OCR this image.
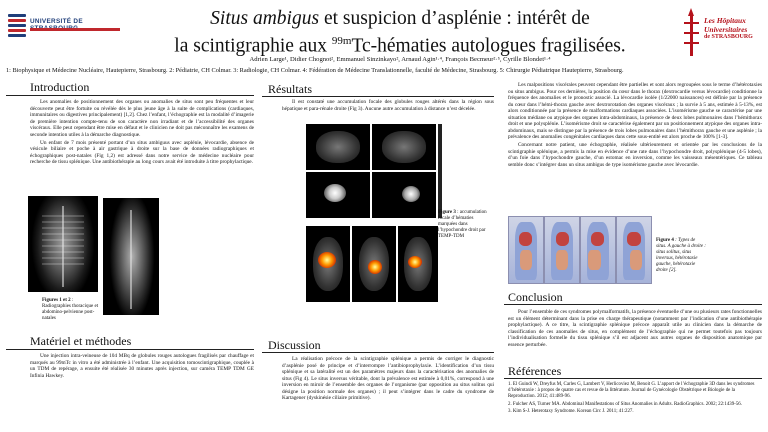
UNIVERSITÉ DE	Situs ambigus et suspicion d’asplénie : intérêt de
la scintigraphie aux $^{99m}$Tc-hématies autologues fragilisées.
Les Hôpitaux
Universitaires
de STRASBOURG
Adrien Large¹, Didier Chognot², Emmanuel Sinzinkayo², Arnaud Agin¹·⁴, François Becmeur²·⁵, Cyrille Blondet¹·⁴
1: Biophysique et Médecine Nucléaire, Hautepierre, Strasbourg. 2: Pédiatrie, CH Colmar. 3: Radiologie, CH Colmar. 4: Fédération de Médecine Translationnelle, faculté de Médecine, Strasbourg. 5: Chirurgie Pédiatrique Hautepierre, Strasbourg.
Introduction

Les anomalies de positionnement des organes ou anomalies de situs sont peu fréquentes et leur découverte peut être fortuite ou révélée dès le plus jeune âge à la suite de complications (cardiaques, immunitaires ou digestives principalement) [1,2]. Chez l’enfant, l’échographie est la modalité d’imagerie de première intention compte-tenu de son caractère non irradiant et de l’accessibilité des organes viscéraux. Elle peut cependant être mise en défaut et le clinicien ne doit pas méconnaître les examens de seconde intention utiles à la démarche diagnostique.

Un enfant de 7 mois présenté portant d’un situs ambiguus avec asplénie, lévocardie, absence de vésicule biliaire et poche à air gastrique à droite sur la base de données radiographiques et échographiques post-natales (Fig 1,2) est adressé dans notre service de médecine nucléaire pour recherche de tissu splénique. Une antibiothérapie au long cours avait été introduite à titre prophylactique.

Figures 1 et 2 : Radiographies thoracique et abdomino-pelvienne post-natales
Matériel et méthodes

Une injection intra-veineuse de 104 MBq de globules rouges autologues fragilisés par chauffage et marqués au 99mTc in vitro a été administrée à l’enfant. Une acquisition tomoscintigraphique, couplée à un TDM de repérage, a ensuite été réalisée 30 minutes après injection, sur caméra TEMP TDM GE Infinia Hawkey.

Résultats

Il est constaté une accumulation focale des globules rouges altérés dans la région sous hépatique et para-rénale droite (Fig 3). Aucune autre accumulation à distance n’est décelée.

Figure 3 : accumulation focale d’hématies marquées dans l’hypochondre droit par TEMP-TDM
Discussion

La réalisation précoce de la scintigraphie splénique a permis de corriger le diagnostic d’asplénie posé de principe et d’interrompre l’antibioprophylaxie. L’identification d’un tissu splénique et sa latéralité est un des paramètres majeurs dans la caractérisation des anomalies de situs (Fig 4). Le situs inversus véritable, dont la prévalence est estimée à 0,01%, correspond à une inversion en miroir de l’ensemble des organes de l’organisme (par opposition au situs solitus qui désigne la position normale des organes) ; il peut s’intégrer dans le cadre du syndrome de Kartagener (dyskinésie ciliaire primitive).

Les malpositions viscérales peuvent cependant être partielles et sont alors regroupées sous le terme d’hétérotaxies ou situs ambigus. Pour ces dernières, la position du cœur dans le thorax (dextrocardie versus lévocardie) conditionne la fréquence des anomalies et le pronostic associé. La lévocardie isolée (1/22000 naissances) est définie par la présence du cœur dans l’hémi-thorax gauche avec dextrorotation des organes viscéraux ; la survie à 5 ans, estimée à 5-13%, est alors conditionnée par la présence de malformations cardiaques associées. L’isomérisme gauche se caractérise par une situation médiane ou atypique des organes intra-abdominaux, la présence de deux lobes pulmonaires dans l’hémithorax droit et une polysplénie. L’isomérisme droit se caractérise également par un positionnement atypique des organes intra-abdominaux, mais se distingue par la présence de trois lobes pulmonaires dans l’hémithorax gauche et une asplénie ; la prévalence des anomalies congénitales cardiaques dans cette sous-entité est alors proche de 100% [1-3].

Concernant notre patient, une échographie, réalisée ultérieurement et orientée par les conclusions de la scintigraphie splénique, a permis la mise en évidence d’une rate dans l’hypochondre droit, polysplénique (4-5 lobes), d’un foie dans l’hypochondre gauche, d’un estomac en inversion, comme les vaisseaux mésentériques. Ce tableau semble donc s’intégrer dans un situs ambigus de type isomérisme gauche avec lévocardie.

Figure 4 : Types de situs. A gauche à droite : situs solitus, situs inversus, hétérotaxie gauche, hétérotaxie droite [2].
Conclusion

Pour l’ensemble de ces syndromes polymalformatifs, la présence éventuelle d’une ou plusieurs rates fonctionnelles est un élément déterminant dans la prise en charge thérapeutique (notamment par l’indication d’une antibiothérapie prophylactique). A ce titre, la scintigraphie splénique précoce apparaît utile au clinicien dans la démarche de classification de ces anomalies de situs, en complément de l’échographie qui ne permet toutefois pas toujours l’individualisation formelle du tissu splénique s’il est adjacent aux autres organes de disposition anatomique par essence perturbée.

Références
1. El Guindi W, Dreyfus M, Carles G, Lambert V, Herlicoviez M, Benoit G. L’apport de l’échographie 3D dans les syndromes d’hétérotaxie : à propos de quatre cas et revue de la littérature. Journal de Gynécologie Obstétrique et Biologie de la Reproduction. 2012; 41:489-96.
2. Fulcher AS, Turner MA. Abdominal Manifestations of Situs Anomalies in Adults. RadioGraphics. 2002; 22:1439-56.
3. Kim S-J. Heterotaxy Syndrome. Korean Circ J. 2011; 41:227.
